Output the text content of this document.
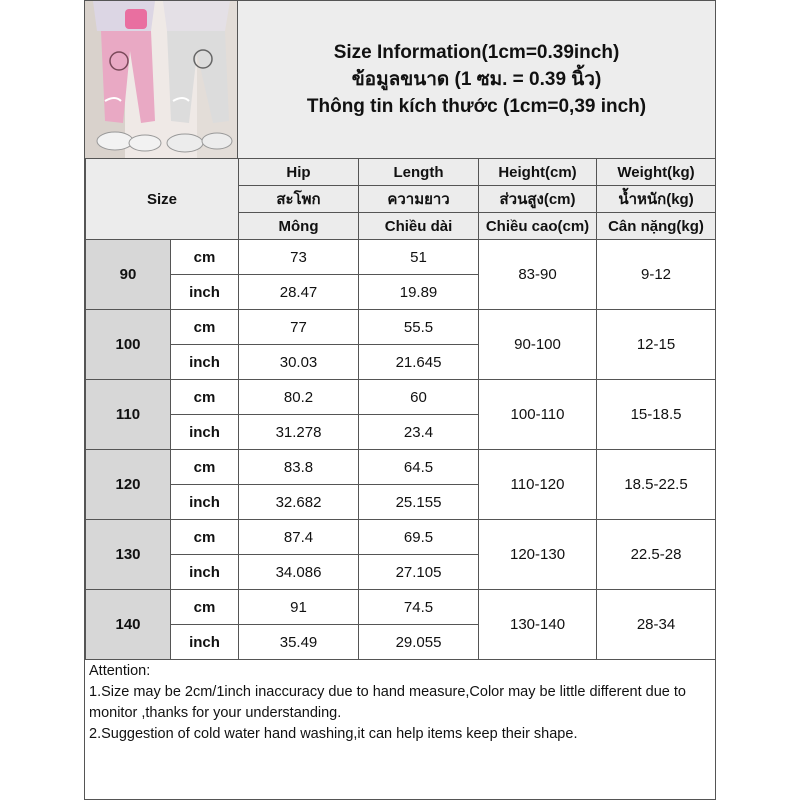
Size Information(1cm=0.39inch)
ข้อมูลขนาด (1 ซม. = 0.39 นิ้ว)
Thông tin kích thước (1cm=0,39 inch)
Size		Hip	Length	Height(cm)	Weight(kg)
		สะโพก	ความยาว	ส่วนสูง(cm)	น้ำหนัก(kg)
		Mông	Chiều dài	Chiều cao(cm)	Cân nặng(kg)
90	cm	73	51	83-90	9-12
	inch	28.47	19.89		
100	cm	77	55.5	90-100	12-15
	inch	30.03	21.645		
110	cm	80.2	60	100-110	15-18.5
	inch	31.278	23.4		
120	cm	83.8	64.5	110-120	18.5-22.5
	inch	32.682	25.155		
130	cm	87.4	69.5	120-130	22.5-28
	inch	34.086	27.105		
140	cm	91	74.5	130-140	28-34
	inch	35.49	29.055		
Attention:
1.Size may be 2cm/1inch inaccuracy due to hand measure,Color may be little different due to monitor ,thanks for your understanding.
2.Suggestion of cold water hand washing,it can help items keep their shape.
